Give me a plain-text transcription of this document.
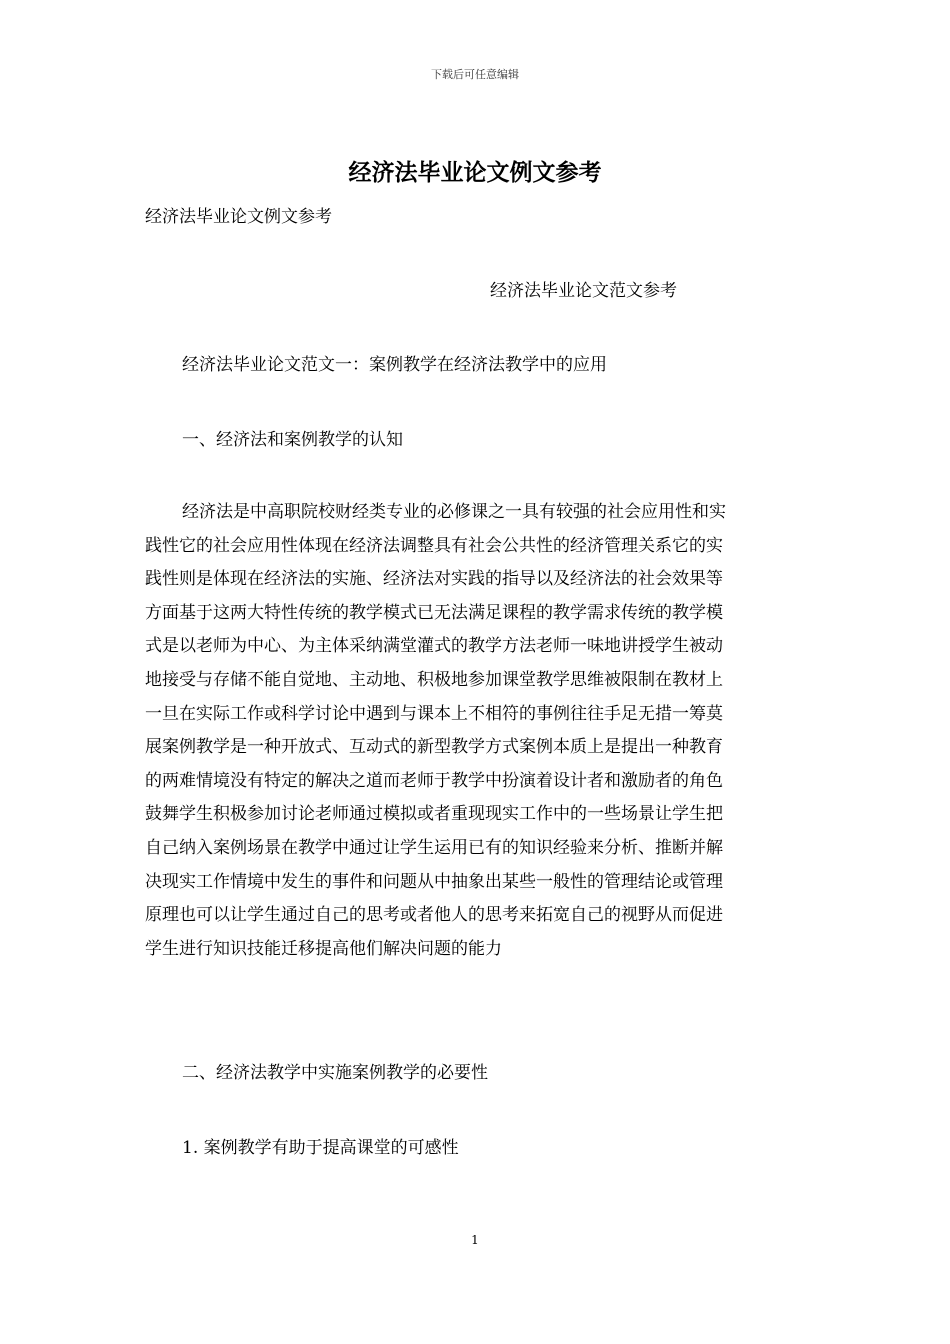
下载后可任意编辑
经济法毕业论文例文参考
经济法毕业论文例文参考
经济法毕业论文范文参考
经济法毕业论文范文一：案例教学在经济法教学中的应用
一、经济法和案例教学的认知
经济法是中高职院校财经类专业的必修课之一具有较强的社会应用性和实
践性它的社会应用性体现在经济法调整具有社会公共性的经济管理关系它的实
践性则是体现在经济法的实施、经济法对实践的指导以及经济法的社会效果等
方面基于这两大特性传统的教学模式已无法满足课程的教学需求传统的教学模
式是以老师为中心、为主体采纳满堂灌式的教学方法老师一味地讲授学生被动
地接受与存储不能自觉地、主动地、积极地参加课堂教学思维被限制在教材上
一旦在实际工作或科学讨论中遇到与课本上不相符的事例往往手足无措一筹莫
展案例教学是一种开放式、互动式的新型教学方式案例本质上是提出一种教育
的两难情境没有特定的解决之道而老师于教学中扮演着设计者和激励者的角色
鼓舞学生积极参加讨论老师通过模拟或者重现现实工作中的一些场景让学生把
自己纳入案例场景在教学中通过让学生运用已有的知识经验来分析、推断并解
决现实工作情境中发生的事件和问题从中抽象出某些一般性的管理结论或管理
原理也可以让学生通过自己的思考或者他人的思考来拓宽自己的视野从而促进
学生进行知识技能迁移提高他们解决问题的能力
二、经济法教学中实施案例教学的必要性
1. 案例教学有助于提高课堂的可感性
1
